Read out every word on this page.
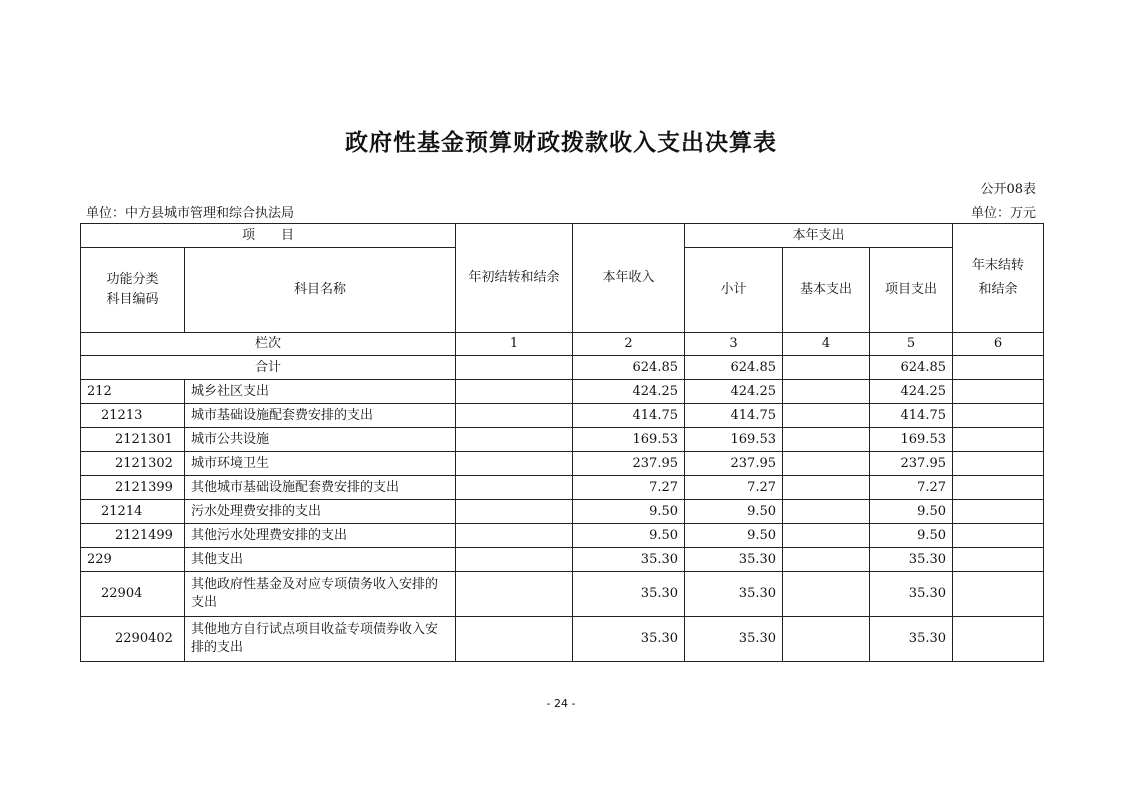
政府性基金预算财政拨款收入支出决算表
公开08表
单位：中方县城市管理和综合执法局	单位：万元
项　　目		年初结转和结余	本年收入	本年支出			年末结转
和结余
功能分类
科目编码	科目名称			小计	基本支出	项目支出	
栏次		1	2	3	4	5	6
合计			624.85	624.85		624.85	
212	城乡社区支出		424.25	424.25		424.25	
21213	城市基础设施配套费安排的支出		414.75	414.75		414.75	
2121301	城市公共设施		169.53	169.53		169.53	
2121302	城市环境卫生		237.95	237.95		237.95	
2121399	其他城市基础设施配套费安排的支出		7.27	7.27		7.27	
21214	污水处理费安排的支出		9.50	9.50		9.50	
2121499	其他污水处理费安排的支出		9.50	9.50		9.50	
229	其他支出		35.30	35.30		35.30	
22904	其他政府性基金及对应专项债务收入安排的支出		35.30	35.30		35.30	
2290402	其他地方自行试点项目收益专项债券收入安排的支出		35.30	35.30		35.30	
- 24 -
